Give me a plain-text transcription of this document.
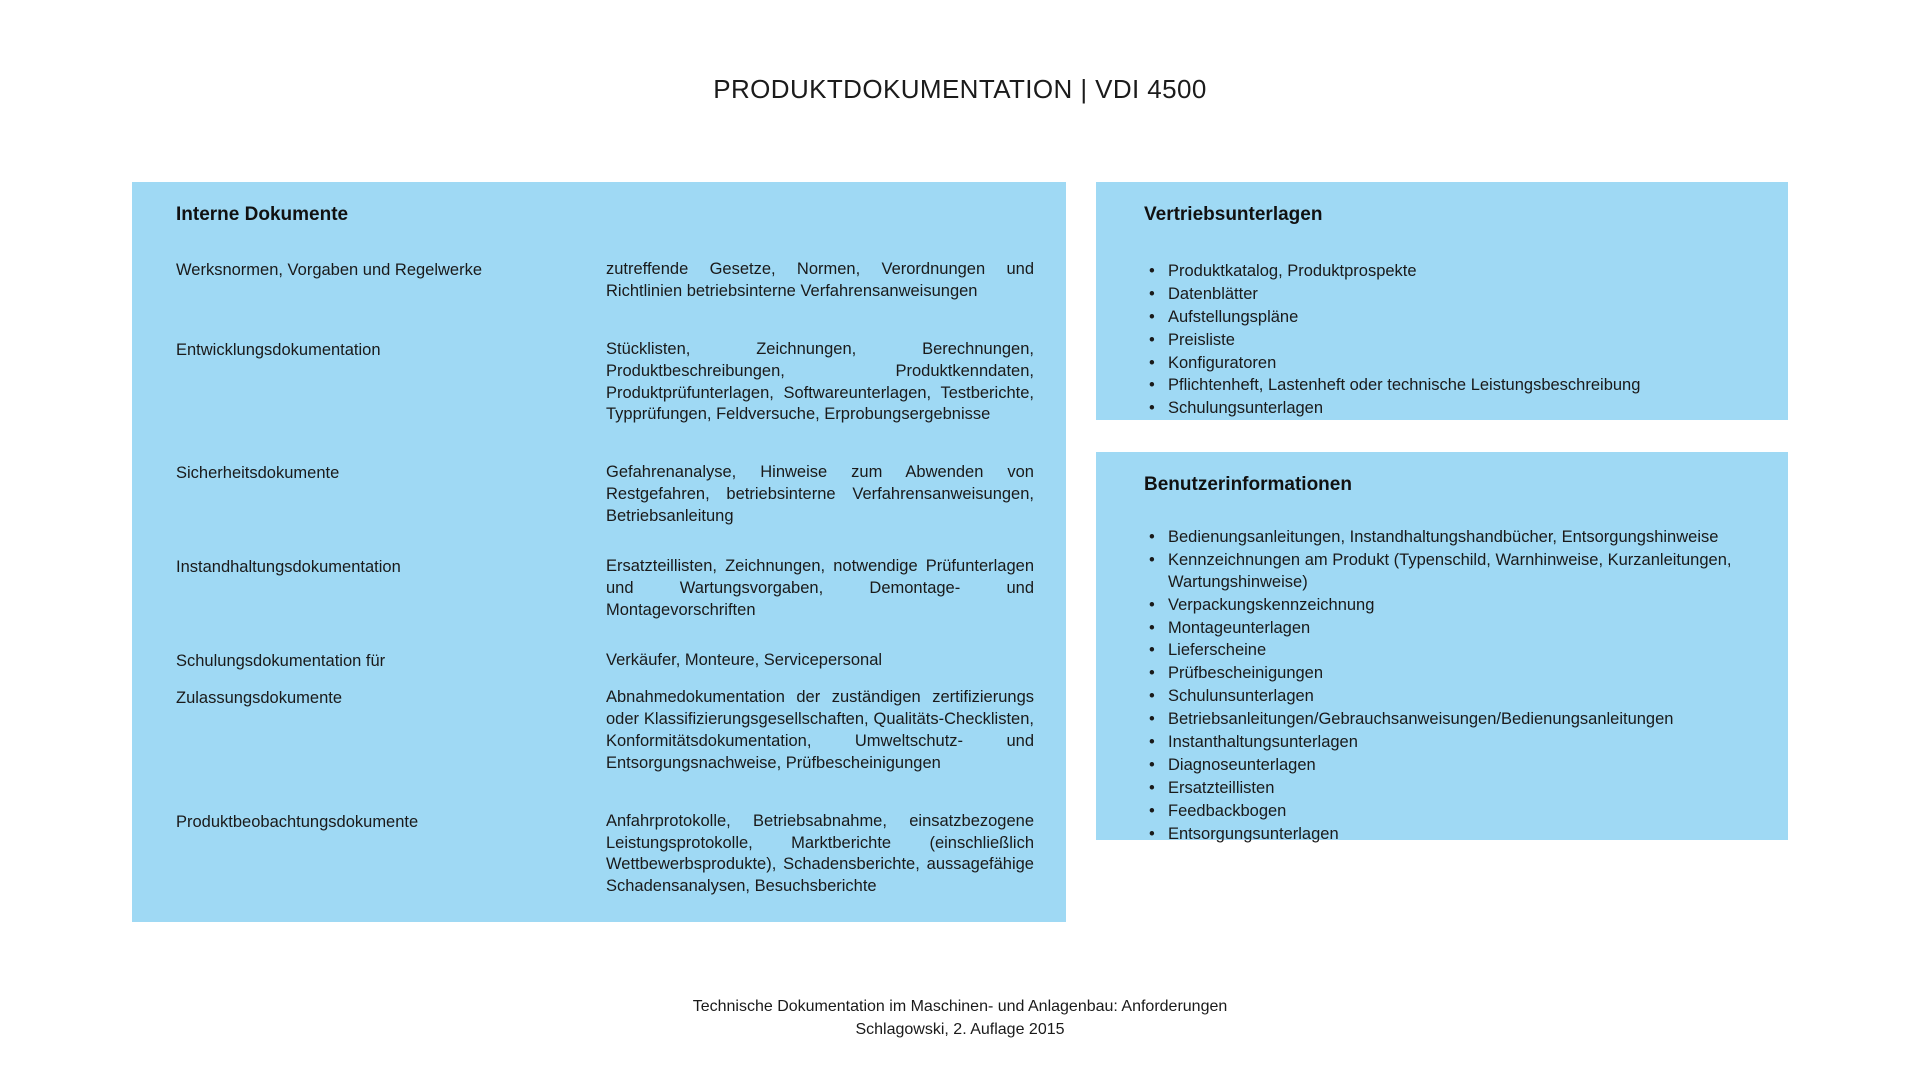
PRODUKTDOKUMENTATION | VDI 4500
Interne Dokumente
Werksnormen, Vorgaben und Regelwerke	zutreffende Gesetze, Normen, Verordnungen und Richtlinien betriebsinterne Verfahrensanweisungen
Entwicklungsdokumentation	Stücklisten, Zeichnungen, Berechnungen, Produktbeschreibungen, Produktkenndaten, Produktprüfunterlagen, Softwareunterlagen, Testberichte, Typprüfungen, Feldversuche, Erprobungsergebnisse
Sicherheitsdokumente	Gefahrenanalyse, Hinweise zum Abwenden von Restgefahren, betriebsinterne Verfahrensanweisungen, Betriebsanleitung
Instandhaltungsdokumentation	Ersatzteillisten, Zeichnungen, notwendige Prüfunterlagen und Wartungsvorgaben, Demontage- und Montagevorschriften
Schulungsdokumentation für	Verkäufer, Monteure, Servicepersonal
Zulassungsdokumente	Abnahmedokumentation der zuständigen zertifizierungs oder Klassifizierungsgesellschaften, Qualitäts-Checklisten, Konformitätsdokumentation, Umweltschutz- und Entsorgungsnachweise, Prüfbescheinigungen
Produktbeobachtungsdokumente	Anfahrprotokolle, Betriebsabnahme, einsatzbezogene Leistungsprotokolle, Marktberichte (einschließlich Wettbewerbsprodukte), Schadensberichte, aussagefähige Schadensanalysen, Besuchsberichte
Vertriebsunterlagen
• Produktkatalog, Produktprospekte
• Datenblätter
• Aufstellungspläne
• Preisliste
• Konfiguratoren
• Pflichtenheft, Lastenheft oder technische Leistungsbeschreibung
• Schulungsunterlagen
Benutzerinformationen
• Bedienungsanleitungen, Instandhaltungshandbücher, Entsorgungshinweise
• Kennzeichnungen am Produkt (Typenschild, Warnhinweise, Kurzanleitungen, Wartungshinweise)
• Verpackungskennzeichnung
• Montageunterlagen
• Lieferscheine
• Prüfbescheinigungen
• Schulunsunterlagen
• Betriebsanleitungen/Gebrauchsanweisungen/Bedienungsanleitungen
• Instanthaltungsunterlagen
• Diagnoseunterlagen
• Ersatzteillisten
• Feedbackbogen
• Entsorgungsunterlagen
Technische Dokumentation im Maschinen- und Anlagenbau: Anforderungen
Schlagowski, 2. Auflage 2015
